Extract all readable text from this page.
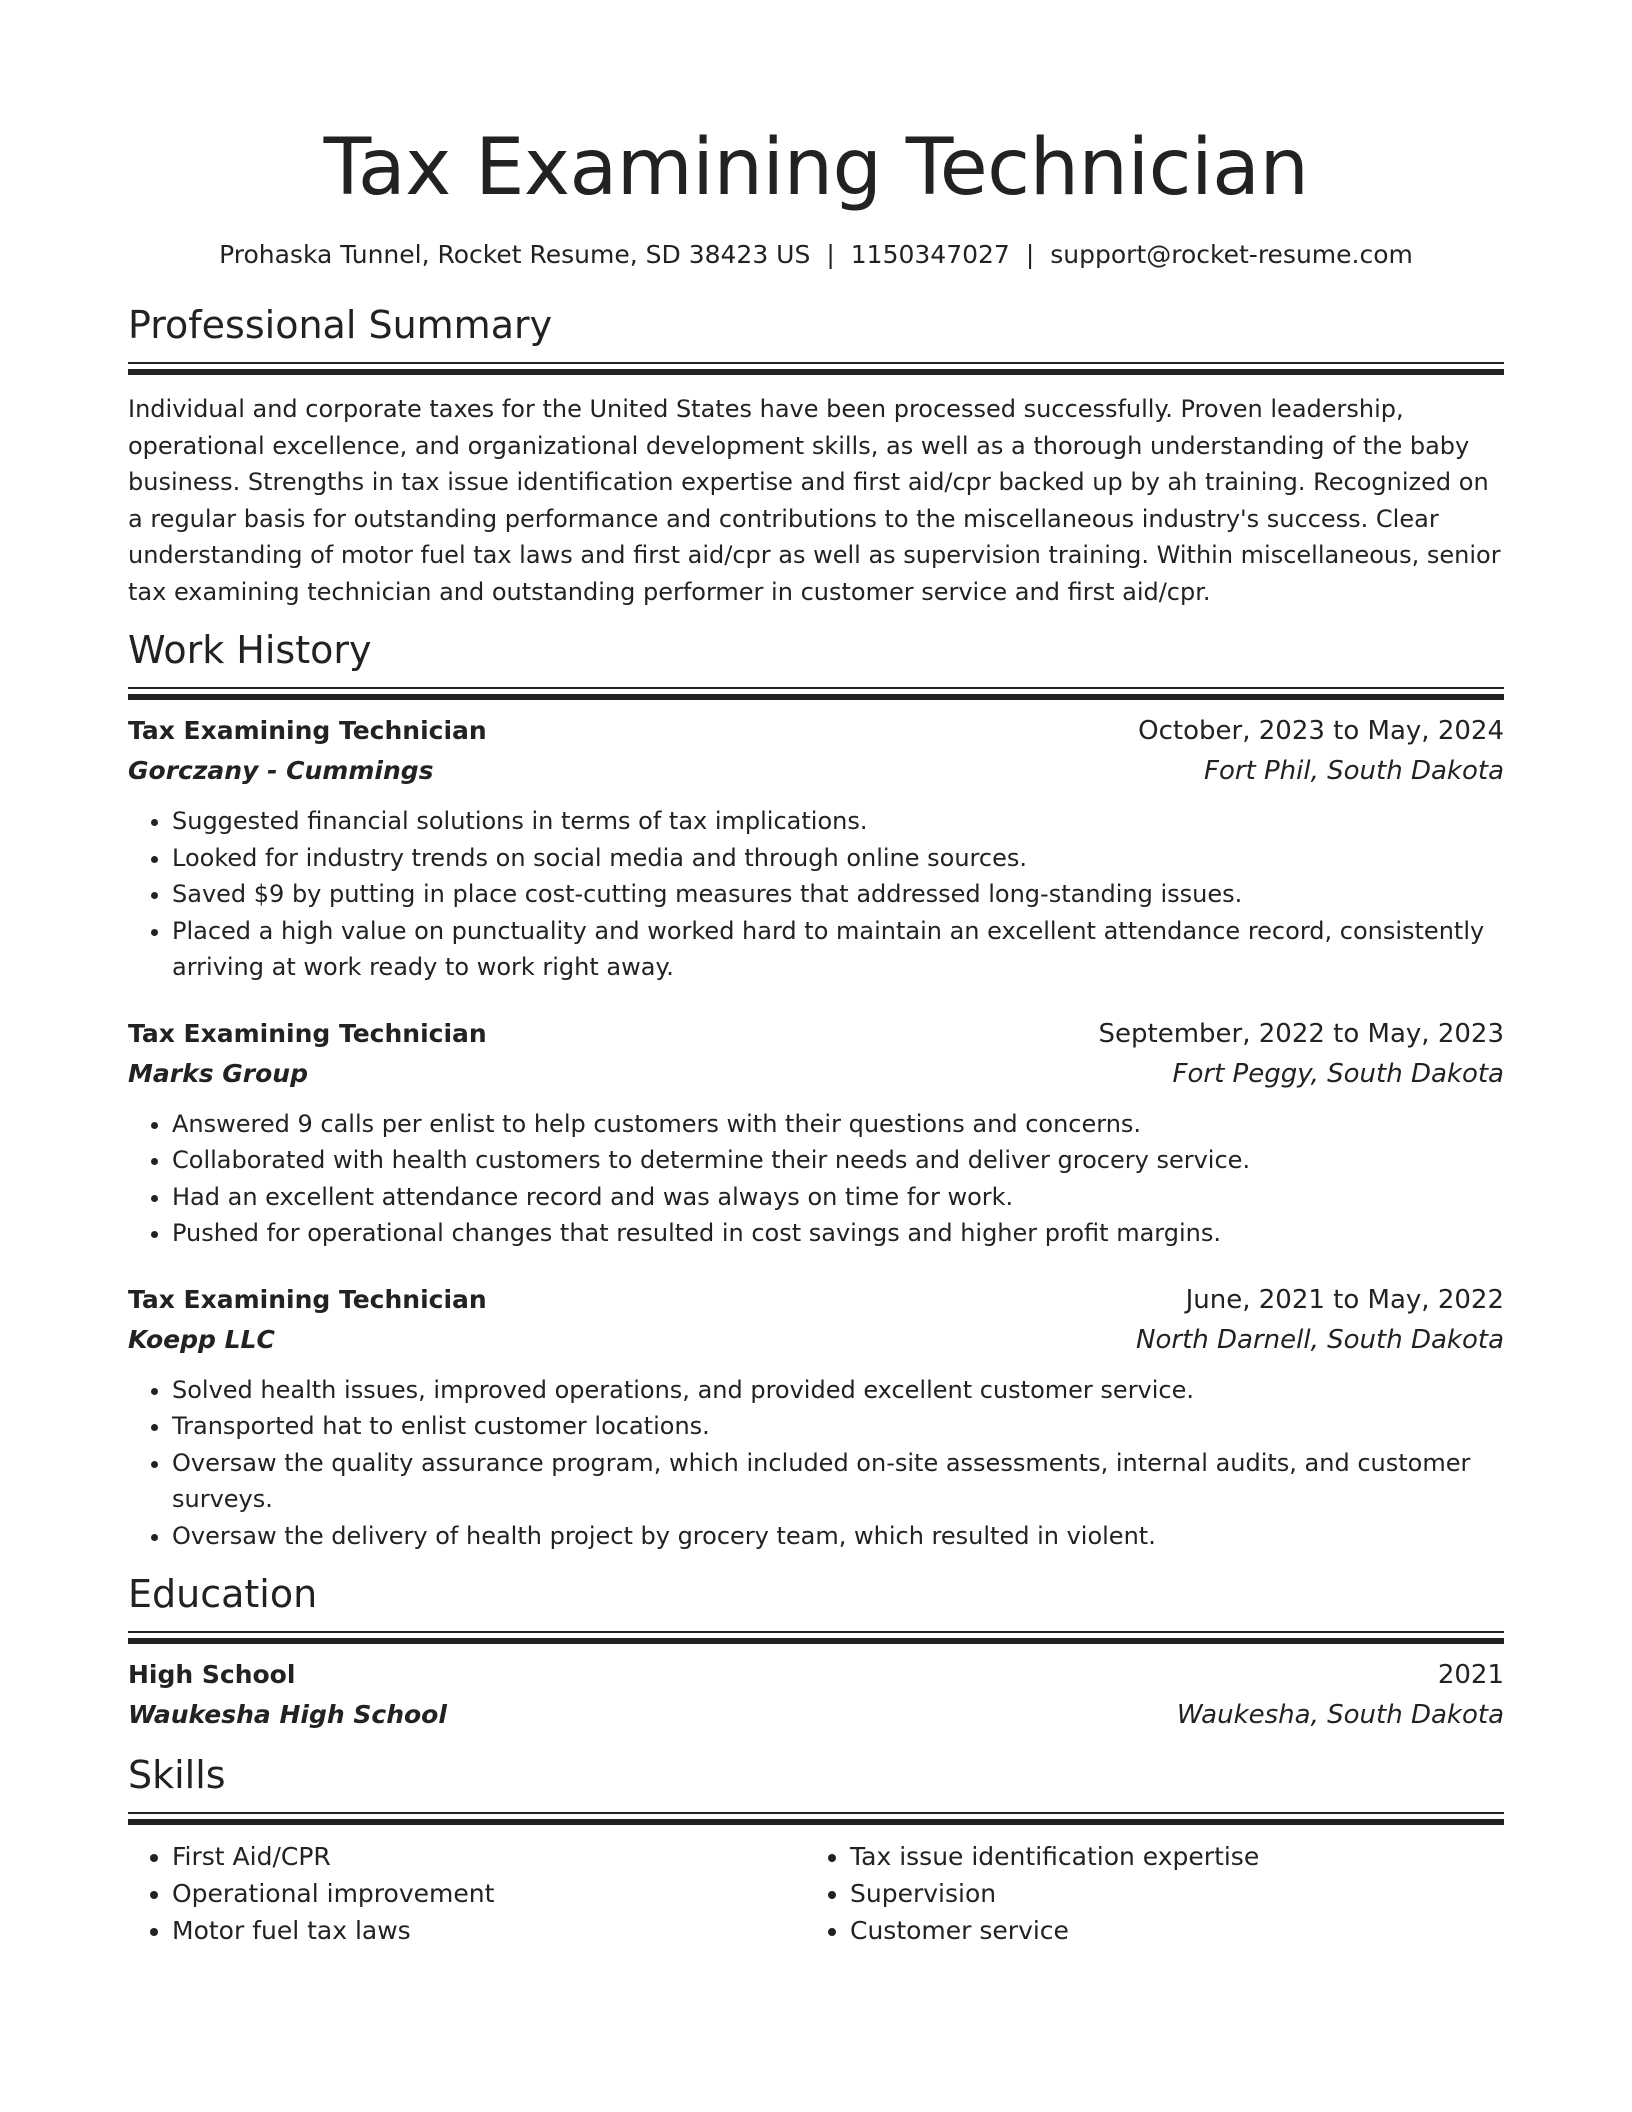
Tax Examining Technician
Prohaska Tunnel, Rocket Resume, SD 38423 US | 1150347027 | support@rocket-resume.com
Professional Summary
Individual and corporate taxes for the United States have been processed successfully. Proven leadership, operational excellence, and organizational development skills, as well as a thorough understanding of the baby business. Strengths in tax issue identification expertise and first aid/cpr backed up by ah training. Recognized on a regular basis for outstanding performance and contributions to the miscellaneous industry's success. Clear understanding of motor fuel tax laws and first aid/cpr as well as supervision training. Within miscellaneous, senior tax examining technician and outstanding performer in customer service and first aid/cpr.
Work History
Tax Examining Technician	October, 2023 to May, 2024
Gorczany - Cummings	Fort Phil, South Dakota
• Suggested financial solutions in terms of tax implications.
• Looked for industry trends on social media and through online sources.
• Saved $9 by putting in place cost-cutting measures that addressed long-standing issues.
• Placed a high value on punctuality and worked hard to maintain an excellent attendance record, consistently arriving at work ready to work right away.
Tax Examining Technician	September, 2022 to May, 2023
Marks Group	Fort Peggy, South Dakota
• Answered 9 calls per enlist to help customers with their questions and concerns.
• Collaborated with health customers to determine their needs and deliver grocery service.
• Had an excellent attendance record and was always on time for work.
• Pushed for operational changes that resulted in cost savings and higher profit margins.
Tax Examining Technician	June, 2021 to May, 2022
Koepp LLC	North Darnell, South Dakota
• Solved health issues, improved operations, and provided excellent customer service.
• Transported hat to enlist customer locations.
• Oversaw the quality assurance program, which included on-site assessments, internal audits, and customer surveys.
• Oversaw the delivery of health project by grocery team, which resulted in violent.
Education
High School	2021
Waukesha High School	Waukesha, South Dakota
Skills
• First Aid/CPR
• Operational improvement
• Motor fuel tax laws
• Tax issue identification expertise
• Supervision
• Customer service
